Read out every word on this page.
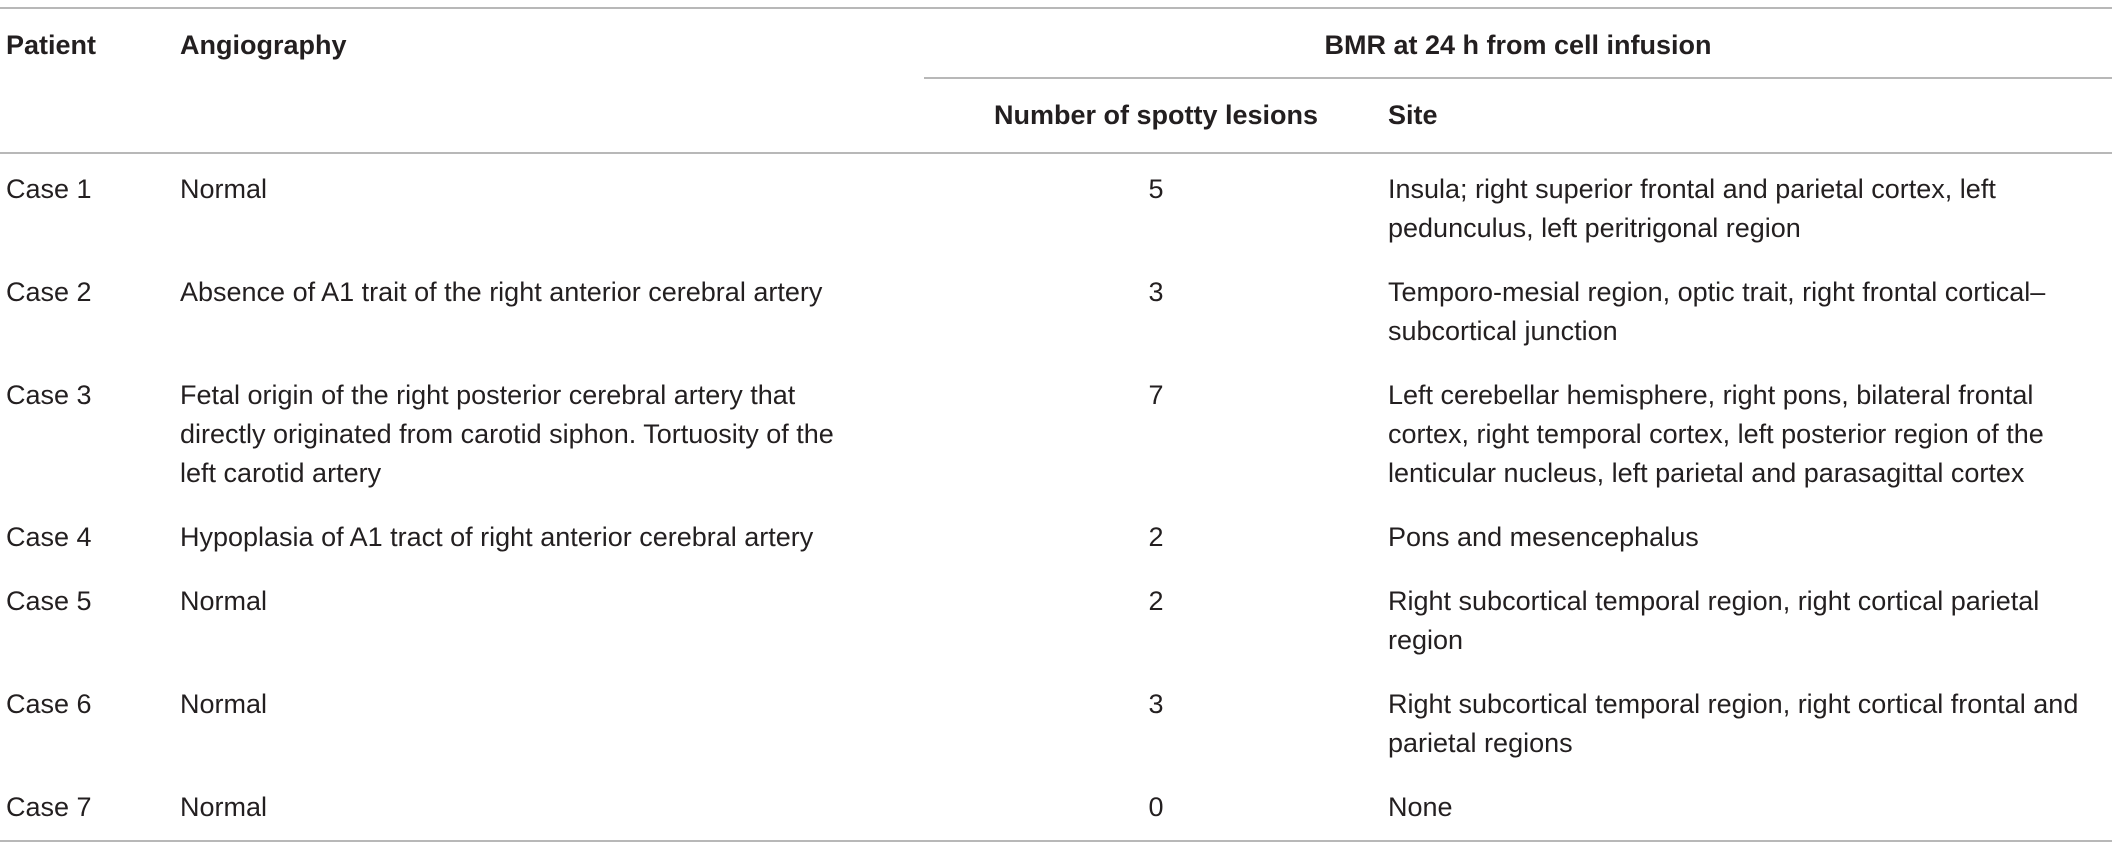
Patient	Angiography	BMR at 24 h from cell infusion	
		Number of spotty lesions	Site
Case 1	Normal	5	Insula; right superior frontal and parietal cortex, left pedunculus, left peritrigonal region

Case 2	Absence of A1 trait of the right anterior cerebral artery	3	Temporo-mesial region, optic trait, right frontal cortical–subcortical junction

Case 3	Fetal origin of the right posterior cerebral artery that directly originated from carotid siphon. Tortuosity of the left carotid artery	7	Left cerebellar hemisphere, right pons, bilateral frontal cortex, right temporal cortex, left posterior region of the lenticular nucleus, left parietal and parasagittal cortex

Case 4	Hypoplasia of A1 tract of right anterior cerebral artery	2	Pons and mesencephalus

Case 5	Normal	2	Right subcortical temporal region, right cortical parietal region

Case 6	Normal	3	Right subcortical temporal region, right cortical frontal and parietal regions

Case 7	Normal	0	None
